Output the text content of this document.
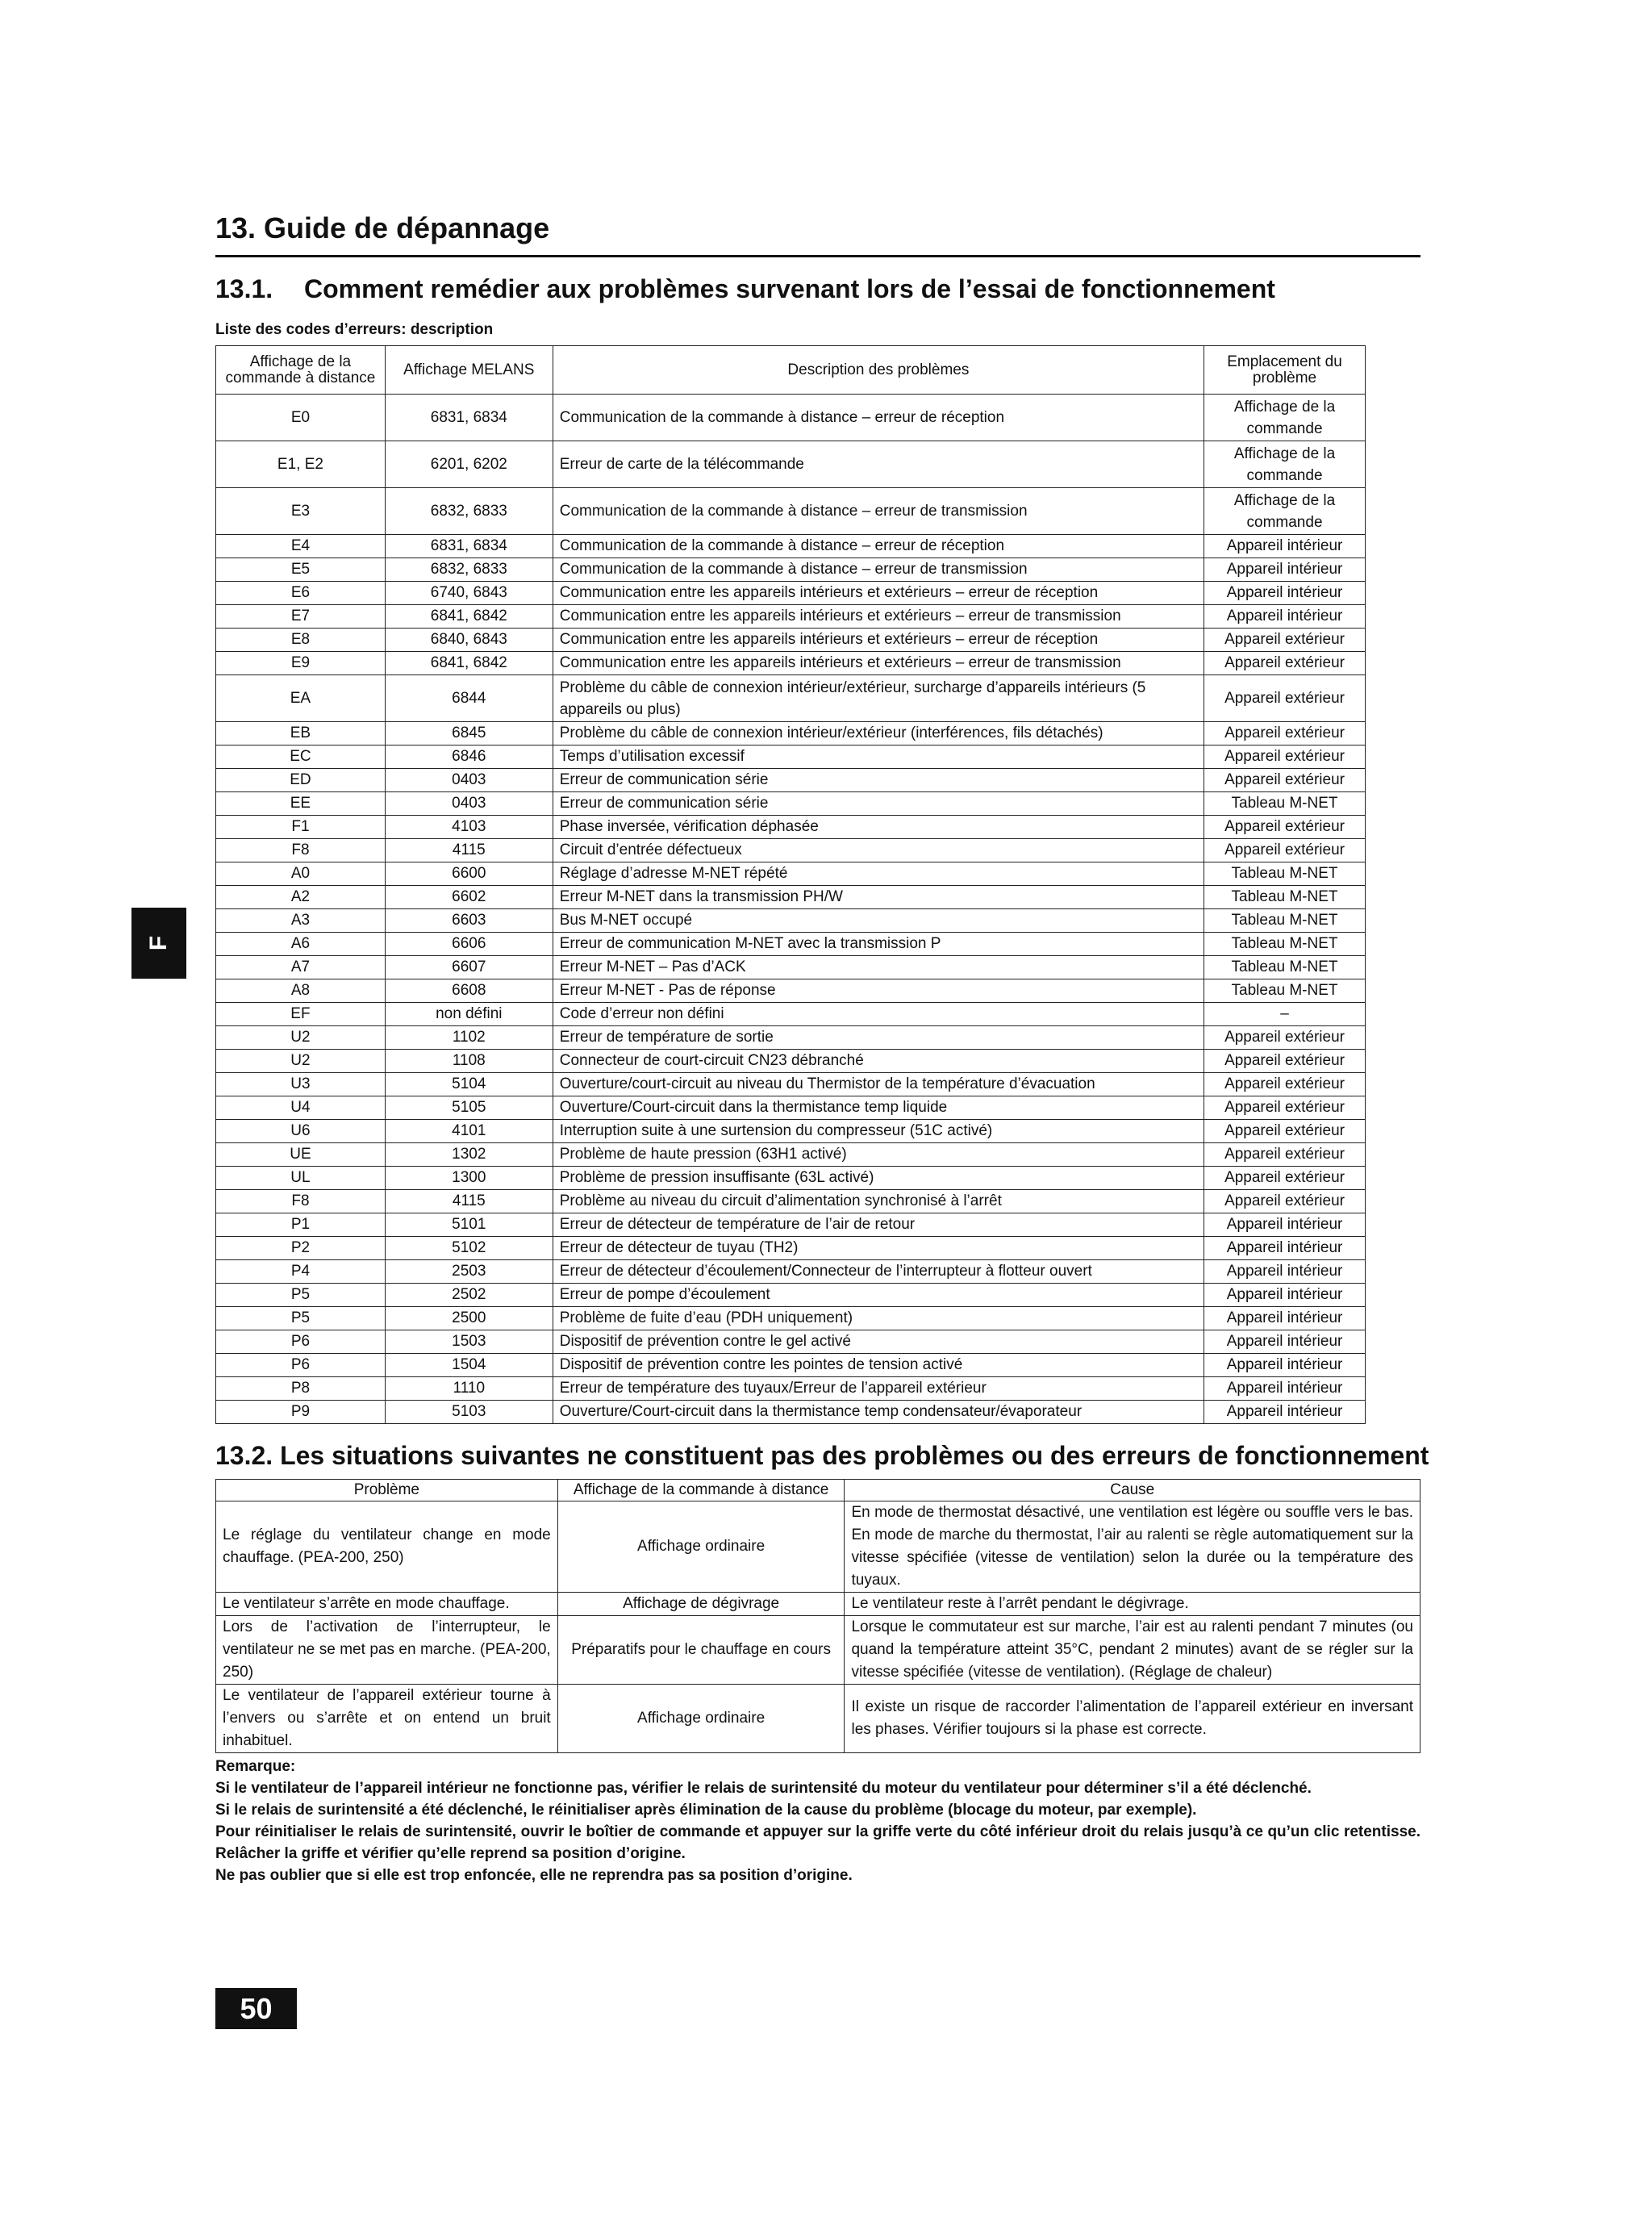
13. Guide de dépannage
13.1. Comment remédier aux problèmes survenant lors de l’essai de fonctionnement
Liste des codes d’erreurs: description
Affichage de la commande à distance	Affichage MELANS	Description des problèmes	Emplacement du problème
E0	6831, 6834	Communication de la commande à distance – erreur de réception	Affichage de la commande
E1, E2	6201, 6202	Erreur de carte de la télécommande	Affichage de la commande
E3	6832, 6833	Communication de la commande à distance – erreur de transmission	Affichage de la commande
E4	6831, 6834	Communication de la commande à distance – erreur de réception	Appareil intérieur
E5	6832, 6833	Communication de la commande à distance – erreur de transmission	Appareil intérieur
E6	6740, 6843	Communication entre les appareils intérieurs et extérieurs – erreur de réception	Appareil intérieur
E7	6841, 6842	Communication entre les appareils intérieurs et extérieurs – erreur de transmission	Appareil intérieur
E8	6840, 6843	Communication entre les appareils intérieurs et extérieurs – erreur de réception	Appareil extérieur
E9	6841, 6842	Communication entre les appareils intérieurs et extérieurs – erreur de transmission	Appareil extérieur
EA	6844	Problème du câble de connexion intérieur/extérieur, surcharge d’appareils intérieurs (5 appareils ou plus)	Appareil extérieur
EB	6845	Problème du câble de connexion intérieur/extérieur (interférences, fils détachés)	Appareil extérieur
EC	6846	Temps d’utilisation excessif	Appareil extérieur
ED	0403	Erreur de communication série	Appareil extérieur
EE	0403	Erreur de communication série	Tableau M-NET
F1	4103	Phase inversée, vérification déphasée	Appareil extérieur
F8	4115	Circuit d’entrée défectueux	Appareil extérieur
A0	6600	Réglage d’adresse M-NET répété	Tableau M-NET
A2	6602	Erreur M-NET dans la transmission PH/W	Tableau M-NET
A3	6603	Bus M-NET occupé	Tableau M-NET
A6	6606	Erreur de communication M-NET avec la transmission P	Tableau M-NET
A7	6607	Erreur M-NET – Pas d’ACK	Tableau M-NET
A8	6608	Erreur M-NET - Pas de réponse	Tableau M-NET
EF	non défini	Code d’erreur non défini	–
U2	1102	Erreur de température de sortie	Appareil extérieur
U2	1108	Connecteur de court-circuit CN23 débranché	Appareil extérieur
U3	5104	Ouverture/court-circuit au niveau du Thermistor de la température d’évacuation	Appareil extérieur
U4	5105	Ouverture/Court-circuit dans la thermistance temp liquide	Appareil extérieur
U6	4101	Interruption suite à une surtension du compresseur (51C activé)	Appareil extérieur
UE	1302	Problème de haute pression (63H1 activé)	Appareil extérieur
UL	1300	Problème de pression insuffisante (63L activé)	Appareil extérieur
F8	4115	Problème au niveau du circuit d’alimentation synchronisé à l’arrêt	Appareil extérieur
P1	5101	Erreur de détecteur de température de l’air de retour	Appareil intérieur
P2	5102	Erreur de détecteur de tuyau (TH2)	Appareil intérieur
P4	2503	Erreur de détecteur d’écoulement/Connecteur de l’interrupteur à flotteur ouvert	Appareil intérieur
P5	2502	Erreur de pompe d’écoulement	Appareil intérieur
P5	2500	Problème de fuite d’eau (PDH uniquement)	Appareil intérieur
P6	1503	Dispositif de prévention contre le gel activé	Appareil intérieur
P6	1504	Dispositif de prévention contre les pointes de tension activé	Appareil intérieur
P8	1110	Erreur de température des tuyaux/Erreur de l’appareil extérieur	Appareil intérieur
P9	5103	Ouverture/Court-circuit dans la thermistance temp condensateur/évaporateur	Appareil intérieur
F
13.2. Les situations suivantes ne constituent pas des problèmes ou des erreurs de fonctionnement
Problème	Affichage de la commande à distance	Cause
Le réglage du ventilateur change en mode chauffage. (PEA-200, 250)	Affichage ordinaire	En mode de thermostat désactivé, une ventilation est légère ou souffle vers le bas. En mode de marche du thermostat, l’air au ralenti se règle automatiquement sur la vitesse spécifiée (vitesse de ventilation) selon la durée ou la température des tuyaux.
Le ventilateur s’arrête en mode chauffage.	Affichage de dégivrage	Le ventilateur reste à l’arrêt pendant le dégivrage.
Lors de l’activation de l’interrupteur, le ventilateur ne se met pas en marche. (PEA-200, 250)	Préparatifs pour le chauffage en cours	Lorsque le commutateur est sur marche, l’air est au ralenti pendant 7 minutes (ou quand la température atteint 35°C, pendant 2 minutes) avant de se régler sur la vitesse spécifiée (vitesse de ventilation). (Réglage de chaleur)
Le ventilateur de l’appareil extérieur tourne à l’envers ou s’arrête et on entend un bruit inhabituel.	Affichage ordinaire	Il existe un risque de raccorder l’alimentation de l’appareil extérieur en inversant les phases. Vérifier toujours si la phase est correcte.

Remarque:

Si le ventilateur de l’appareil intérieur ne fonctionne pas, vérifier le relais de surintensité du moteur du ventilateur pour déterminer s’il a été déclenché.

Si le relais de surintensité a été déclenché, le réinitialiser après élimination de la cause du problème (blocage du moteur, par exemple).

Pour réinitialiser le relais de surintensité, ouvrir le boîtier de commande et appuyer sur la griffe verte du côté inférieur droit du relais jusqu’à ce qu’un clic retentisse. Relâcher la griffe et vérifier qu’elle reprend sa position d’origine.

Ne pas oublier que si elle est trop enfoncée, elle ne reprendra pas sa position d’origine.

50
